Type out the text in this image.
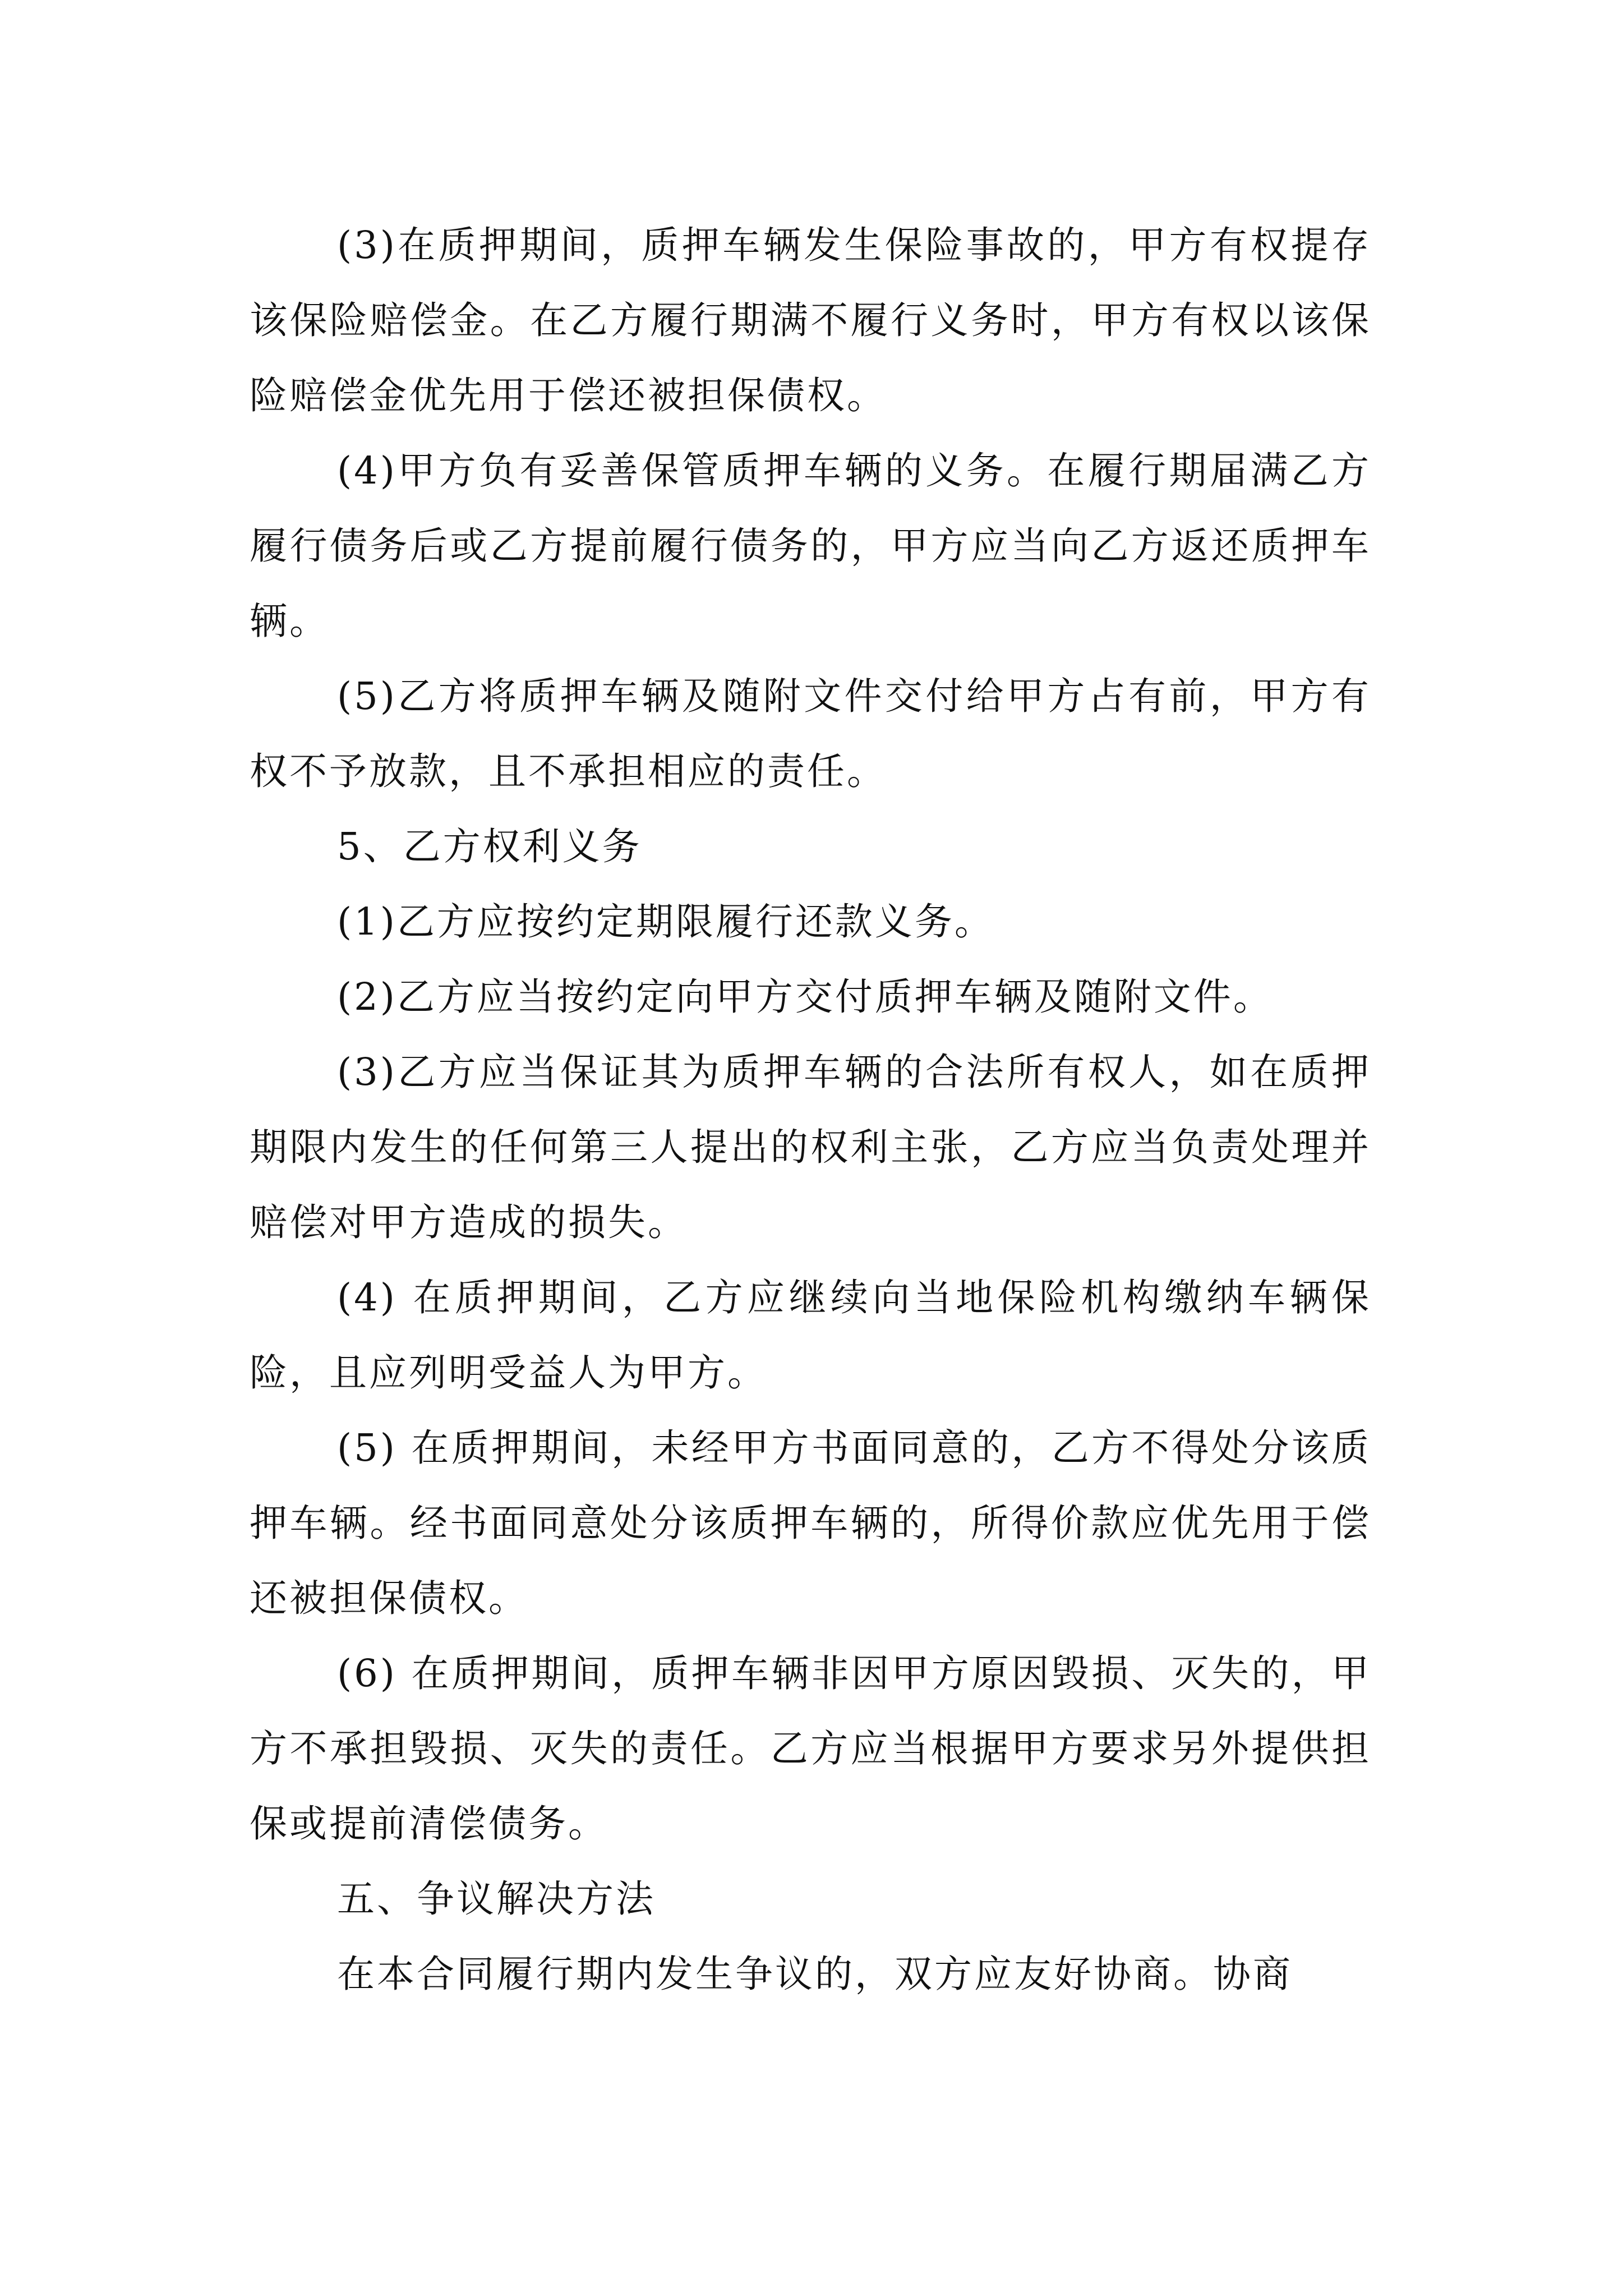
(3)在质押期间，质押车辆发生保险事故的，甲方有权提存该保险赔偿金。在乙方履行期满不履行义务时，甲方有权以该保险赔偿金优先用于偿还被担保债权。

(4)甲方负有妥善保管质押车辆的义务。在履行期届满乙方履行债务后或乙方提前履行债务的，甲方应当向乙方返还质押车辆。

(5)乙方将质押车辆及随附文件交付给甲方占有前，甲方有权不予放款，且不承担相应的责任。

5、乙方权利义务

(1)乙方应按约定期限履行还款义务。

(2)乙方应当按约定向甲方交付质押车辆及随附文件。

(3)乙方应当保证其为质押车辆的合法所有权人，如在质押期限内发生的任何第三人提出的权利主张，乙方应当负责处理并赔偿对甲方造成的损失。

(4) 在质押期间，乙方应继续向当地保险机构缴纳车辆保险，且应列明受益人为甲方。

(5) 在质押期间，未经甲方书面同意的，乙方不得处分该质押车辆。经书面同意处分该质押车辆的，所得价款应优先用于偿还被担保债权。

(6) 在质押期间，质押车辆非因甲方原因毁损、灭失的，甲方不承担毁损、灭失的责任。乙方应当根据甲方要求另外提供担保或提前清偿债务。

五、争议解决方法

在本合同履行期内发生争议的，双方应友好协商。协商
